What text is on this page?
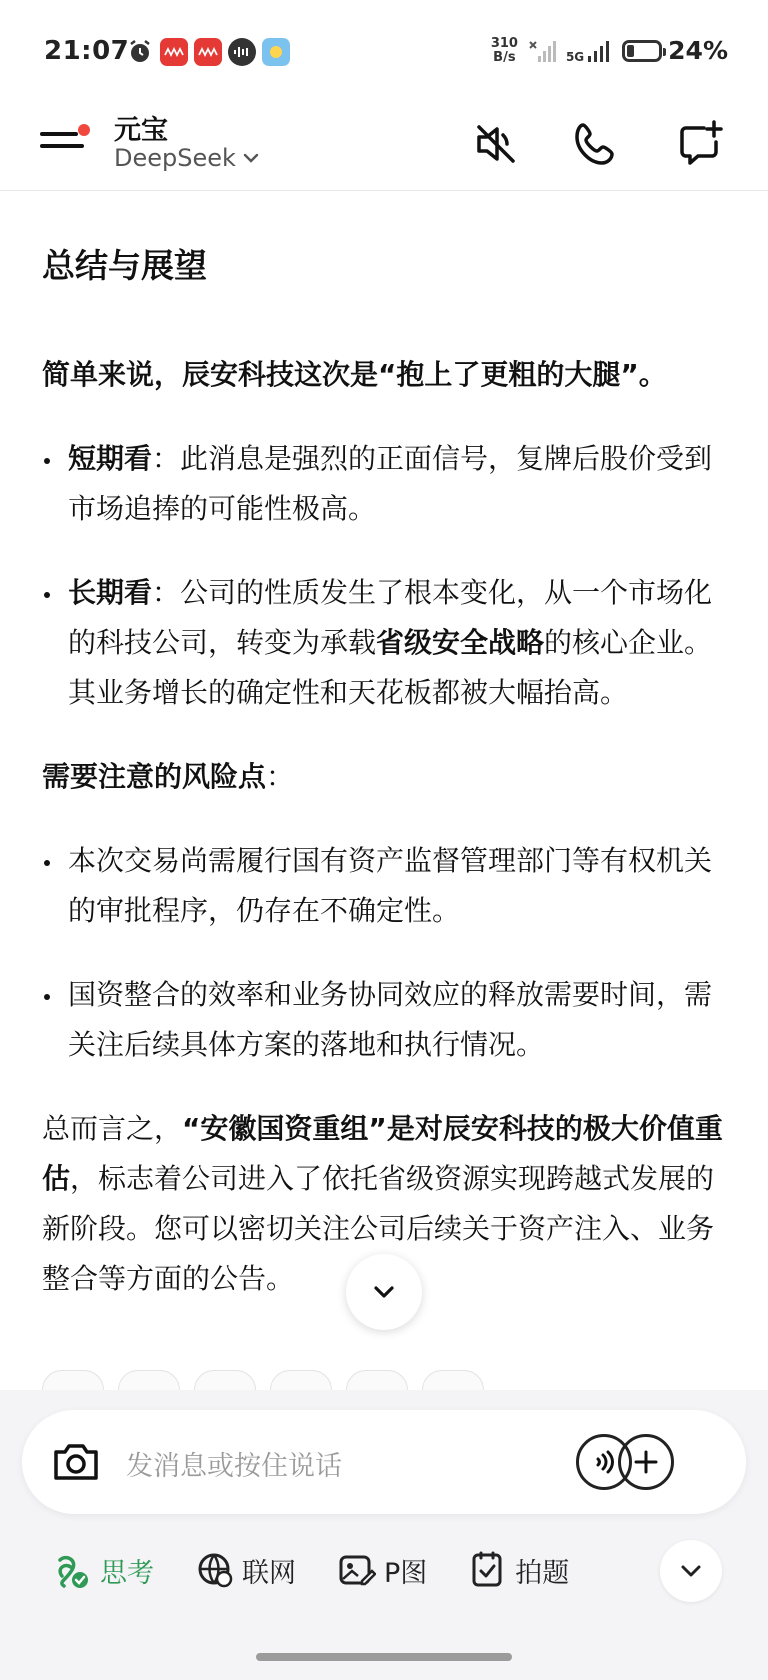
21:07	310
B/s	5G	24%
元宝
DeepSeek
总结与展望

简单来说，辰安科技这次是“抱上了更粗的大腿”。

短期看：此消息是强烈的正面信号，复牌后股价受到市场追捧的可能性极高。
长期看：公司的性质发生了根本变化，从一个市场化的科技公司，转变为承载省级安全战略的核心企业。其业务增长的确定性和天花板都被大幅抬高。

需要注意的风险点：

本次交易尚需履行国有资产监督管理部门等有权机关的审批程序，仍存在不确定性。
国资整合的效率和业务协同效应的释放需要时间，需关注后续具体方案的落地和执行情况。

总而言之，“安徽国资重组”是对辰安科技的极大价值重估，标志着公司进入了依托省级资源实现跨越式发展的新阶段。您可以密切关注公司后续关于资产注入、业务整合等方面的公告。

发消息或按住说话
思考	联网	P图	拍题
